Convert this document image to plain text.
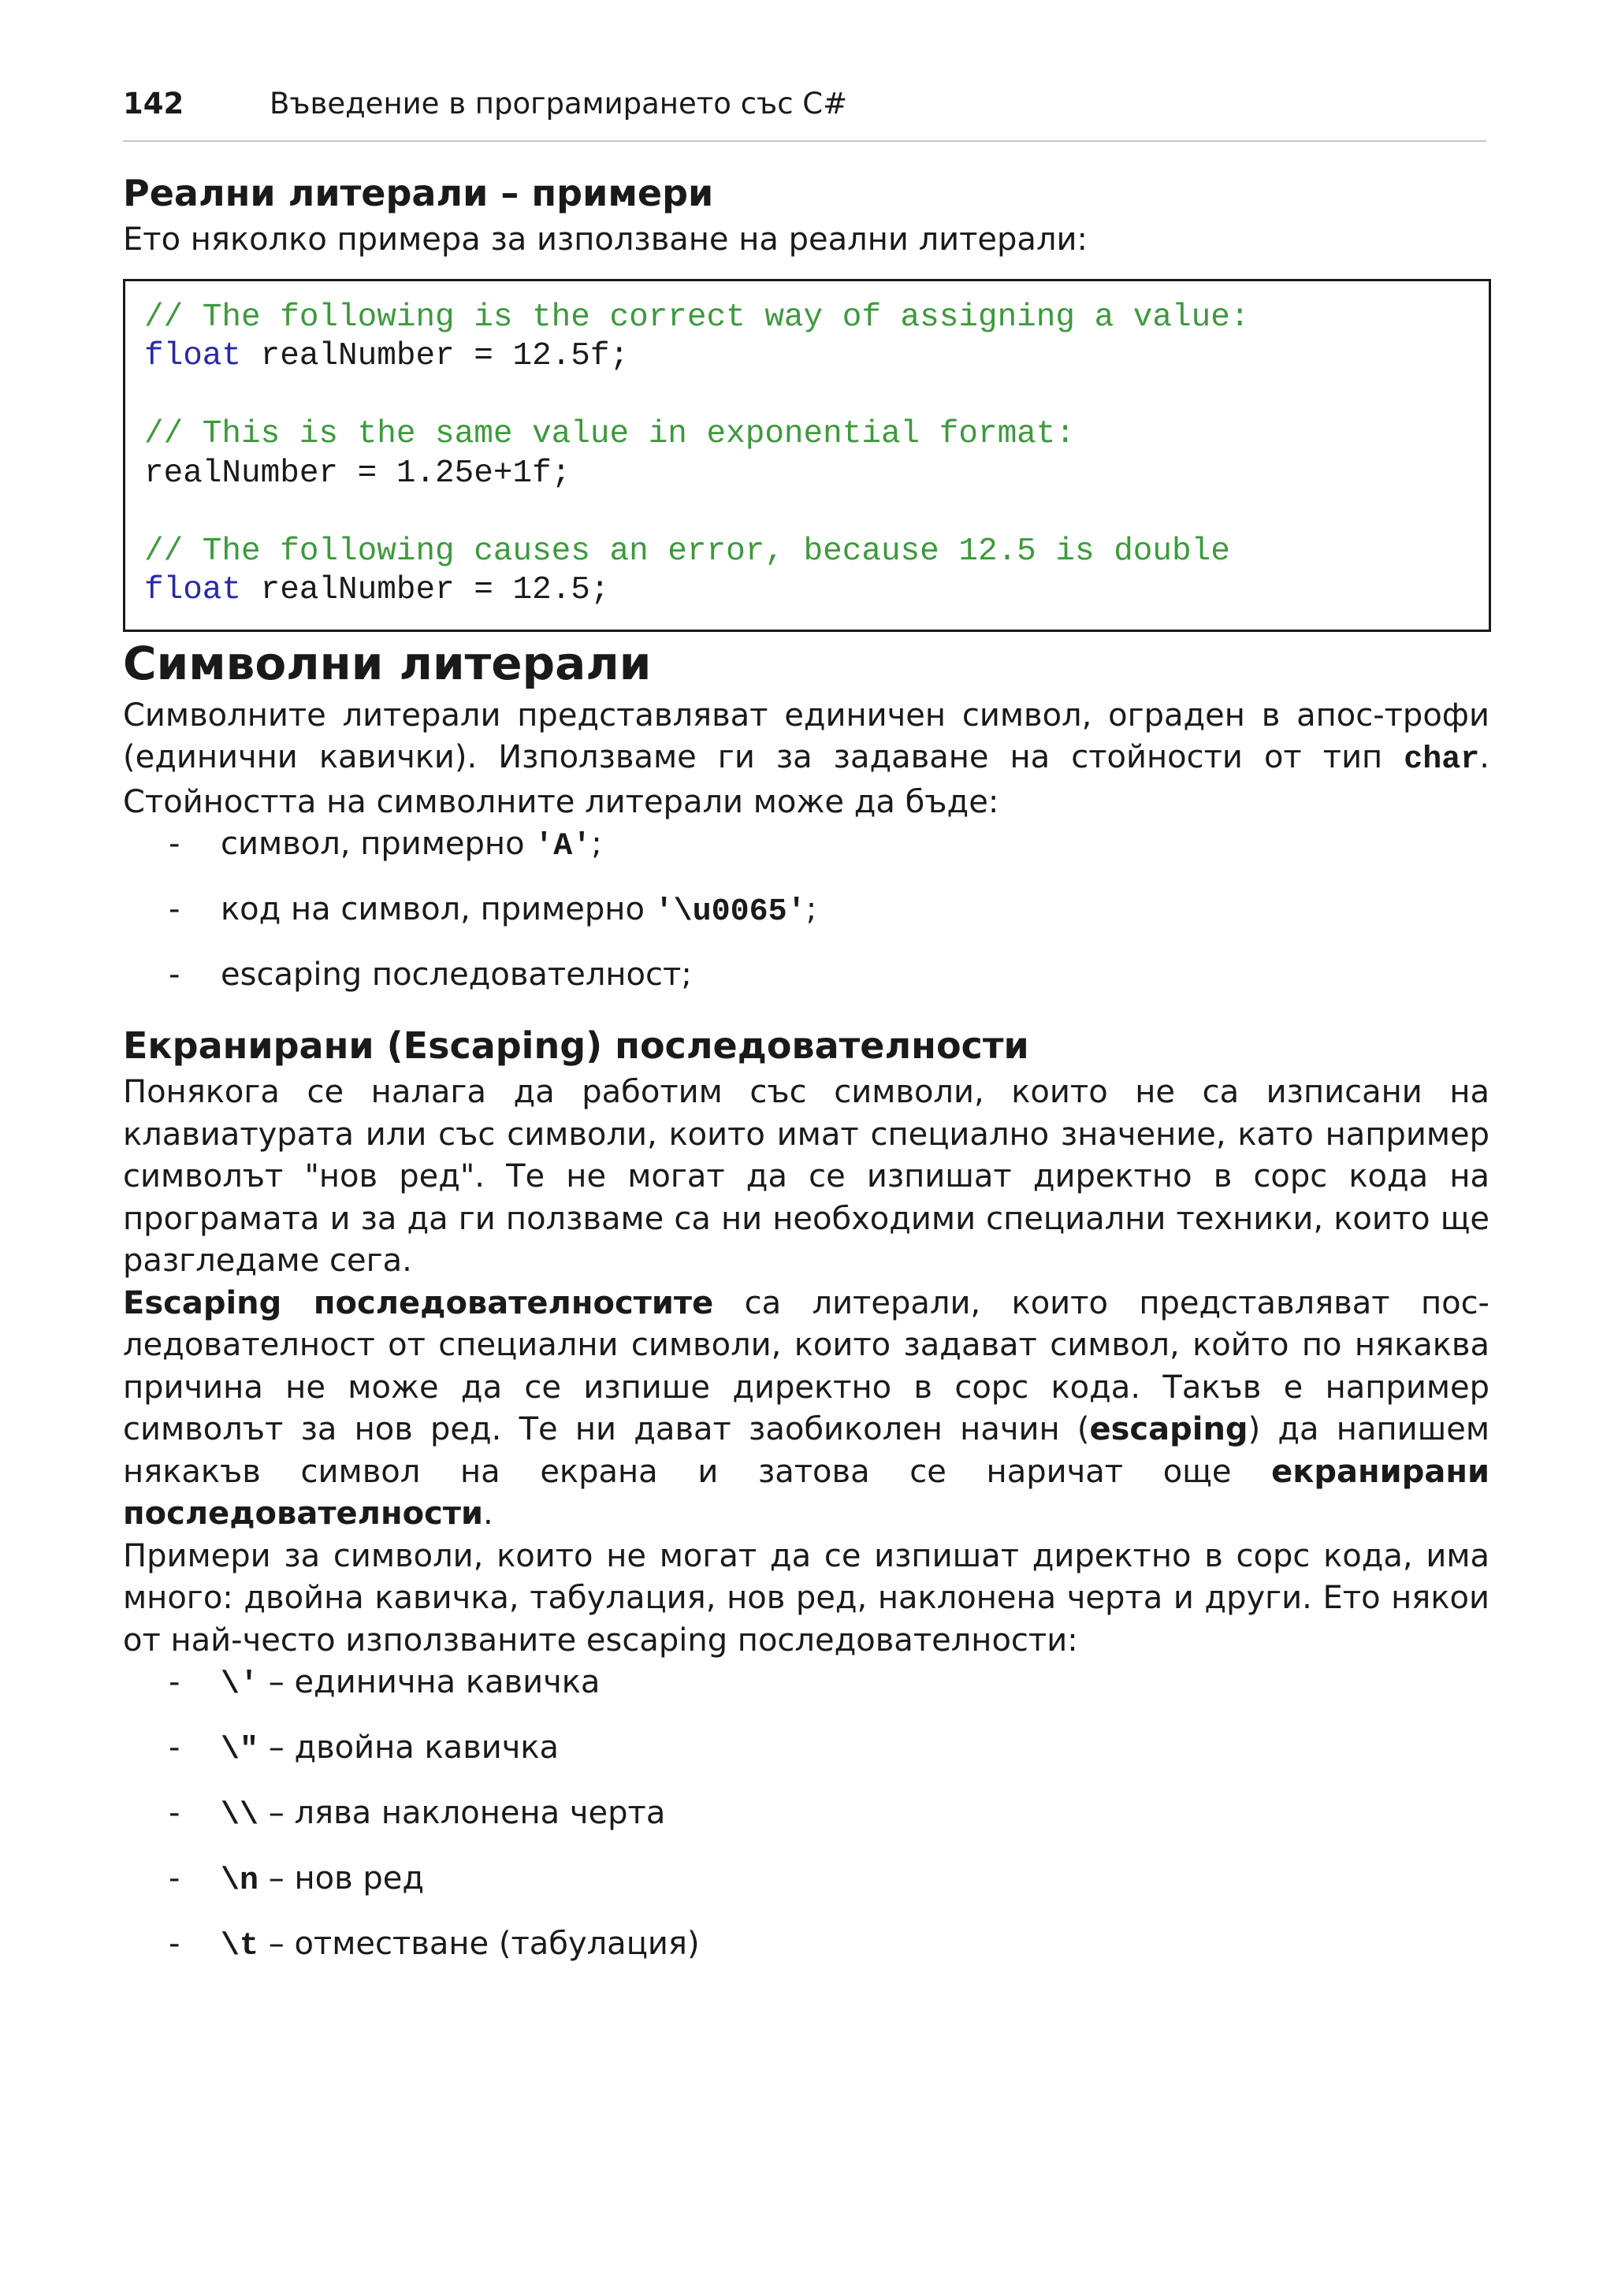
142	Въведение в програмирането със C#
Реални литерали – примери

Ето няколко примера за използване на реални литерали:

// The following is the correct way of assigning a value:
float realNumber = 12.5f;
// This is the same value in exponential format:
realNumber = 1.25e+1f;
// The following causes an error, because 12.5 is double
float realNumber = 12.5;
Символни литерали

Символните литерали представляват единичен символ, ограден в апос-трофи (единични кавички). Използваме ги за задаване на стойности от тип char. Стойността на символните литерали може да бъде:

- символ, примерно 'A';
- код на символ, примерно '\u0065';
- escaping последователност;
Екранирани (Escaping) последователности

Понякога се налага да работим със символи, които не са изписани на клавиатурата или със символи, които имат специално значение, като например символът "нов ред". Те не могат да се изпишат директно в сорс кода на програмата и за да ги ползваме са ни необходими специални техники, които ще разгледаме сега.

Escaping последователностите са литерали, които представляват пос-ледователност от специални символи, които задават символ, който по някаква причина не може да се изпише директно в сорс кода. Такъв е например символът за нов ред. Те ни дават заобиколен начин (escaping) да напишем някакъв символ на екрана и затова се наричат още екранирани последователности.

Примери за символи, които не могат да се изпишат директно в сорс кода, има много: двойна кавичка, табулация, нов ред, наклонена черта и други. Ето някои от най-често използваните escaping последователности:

- \' – единична кавичка
- \" – двойна кавичка
- \\ – лява наклонена черта
- \n – нов ред
- \t – отместване (табулация)
